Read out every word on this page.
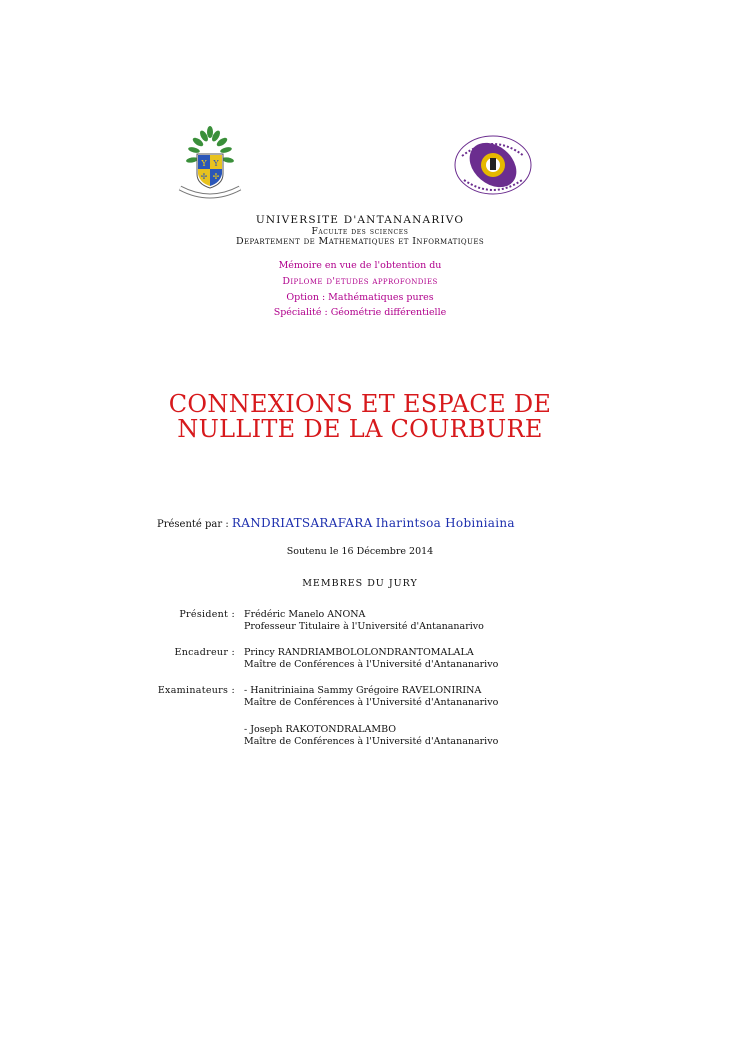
Y Y
✢ ✢
UNIVERSITE D'ANTANANARIVO
Faculte des sciences
Departement de Mathematiques et Informatiques
Mémoire en vue de l'obtention du
Diplome d'etudes approfondies
Option : Mathématiques pures
Spécialité : Géométrie différentielle
CONNEXIONS ET ESPACE DE
NULLITE DE LA COURBURE
Présenté par : RANDRIATSARAFARA Iharintsoa Hobiniaina
Soutenu le 16 Décembre 2014
MEMBRES DU JURY
Président : Frédéric Manelo ANONA
Professeur Titulaire à l'Université d'Antananarivo
Encadreur : Princy RANDRIAMBOLOLONDRANTOMALALA
Maître de Conférences à l'Université d'Antananarivo
Examinateurs : - Hanitriniaina Sammy Grégoire RAVELONIRINA
Maître de Conférences à l'Université d'Antananarivo
- Joseph RAKOTONDRALAMBO
Maître de Conférences à l'Université d'Antananarivo
